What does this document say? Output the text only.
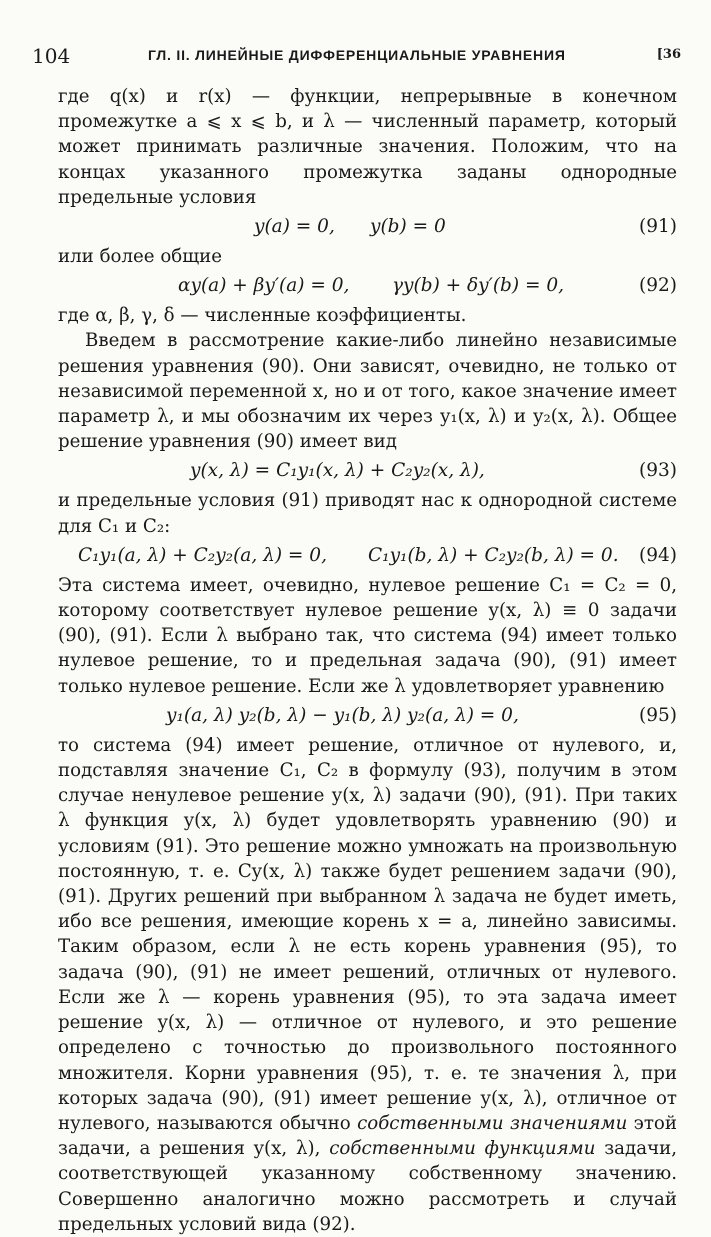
104	ГЛ. II. ЛИНЕЙНЫЕ ДИФФЕРЕНЦИАЛЬНЫЕ УРАВНЕНИЯ	[36

где q(x) и r(x) — функции, непрерывные в конечном промежутке a ⩽ x ⩽ b, и λ — численный параметр, который может принимать различные значения. Положим, что на концах указанного промежутка заданы однородные предельные условия

y(a) = 0, y(b) = 0	(91)

или более общие

αy(a) + βy′(a) = 0, γy(b) + δy′(b) = 0,	(92)

где α, β, γ, δ — численные коэффициенты.

Введем в рассмотрение какие-либо линейно независимые решения уравнения (90). Они зависят, очевидно, не только от независимой переменной x, но и от того, какое значение имеет параметр λ, и мы обозначим их через y₁(x, λ) и y₂(x, λ). Общее решение уравнения (90) имеет вид

y(x, λ) = C₁y₁(x, λ) + C₂y₂(x, λ),	(93)

и предельные условия (91) приводят нас к однородной системе для C₁ и C₂:

C₁y₁(a, λ) + C₂y₂(a, λ) = 0, C₁y₁(b, λ) + C₂y₂(b, λ) = 0. (94)

Эта система имеет, очевидно, нулевое решение C₁ = C₂ = 0, которому соответствует нулевое решение y(x, λ) ≡ 0 задачи (90), (91). Если λ выбрано так, что система (94) имеет только нулевое решение, то и предельная задача (90), (91) имеет только нулевое решение. Если же λ удовлетворяет уравнению

y₁(a, λ) y₂(b, λ) − y₁(b, λ) y₂(a, λ) = 0,	(95)

то система (94) имеет решение, отличное от нулевого, и, подставляя значение C₁, C₂ в формулу (93), получим в этом случае ненулевое решение y(x, λ) задачи (90), (91). При таких λ функция y(x, λ) будет удовлетворять уравнению (90) и условиям (91). Это решение можно умножать на произвольную постоянную, т. е. Cy(x, λ) также будет решением задачи (90), (91). Других решений при выбранном λ задача не будет иметь, ибо все решения, имеющие корень x = a, линейно зависимы. Таким образом, если λ не есть корень уравнения (95), то задача (90), (91) не имеет решений, отличных от нулевого. Если же λ — корень уравнения (95), то эта задача имеет решение y(x, λ) — отличное от нулевого, и это решение определено с точностью до произвольного постоянного множителя. Корни уравнения (95), т. е. те значения λ, при которых задача (90), (91) имеет решение y(x, λ), отличное от нулевого, называются обычно собственными значениями этой задачи, а решения y(x, λ), собственными функциями задачи, соответствующей указанному собственному значению. Совершенно аналогично можно рассмотреть и случай предельных условий вида (92).
